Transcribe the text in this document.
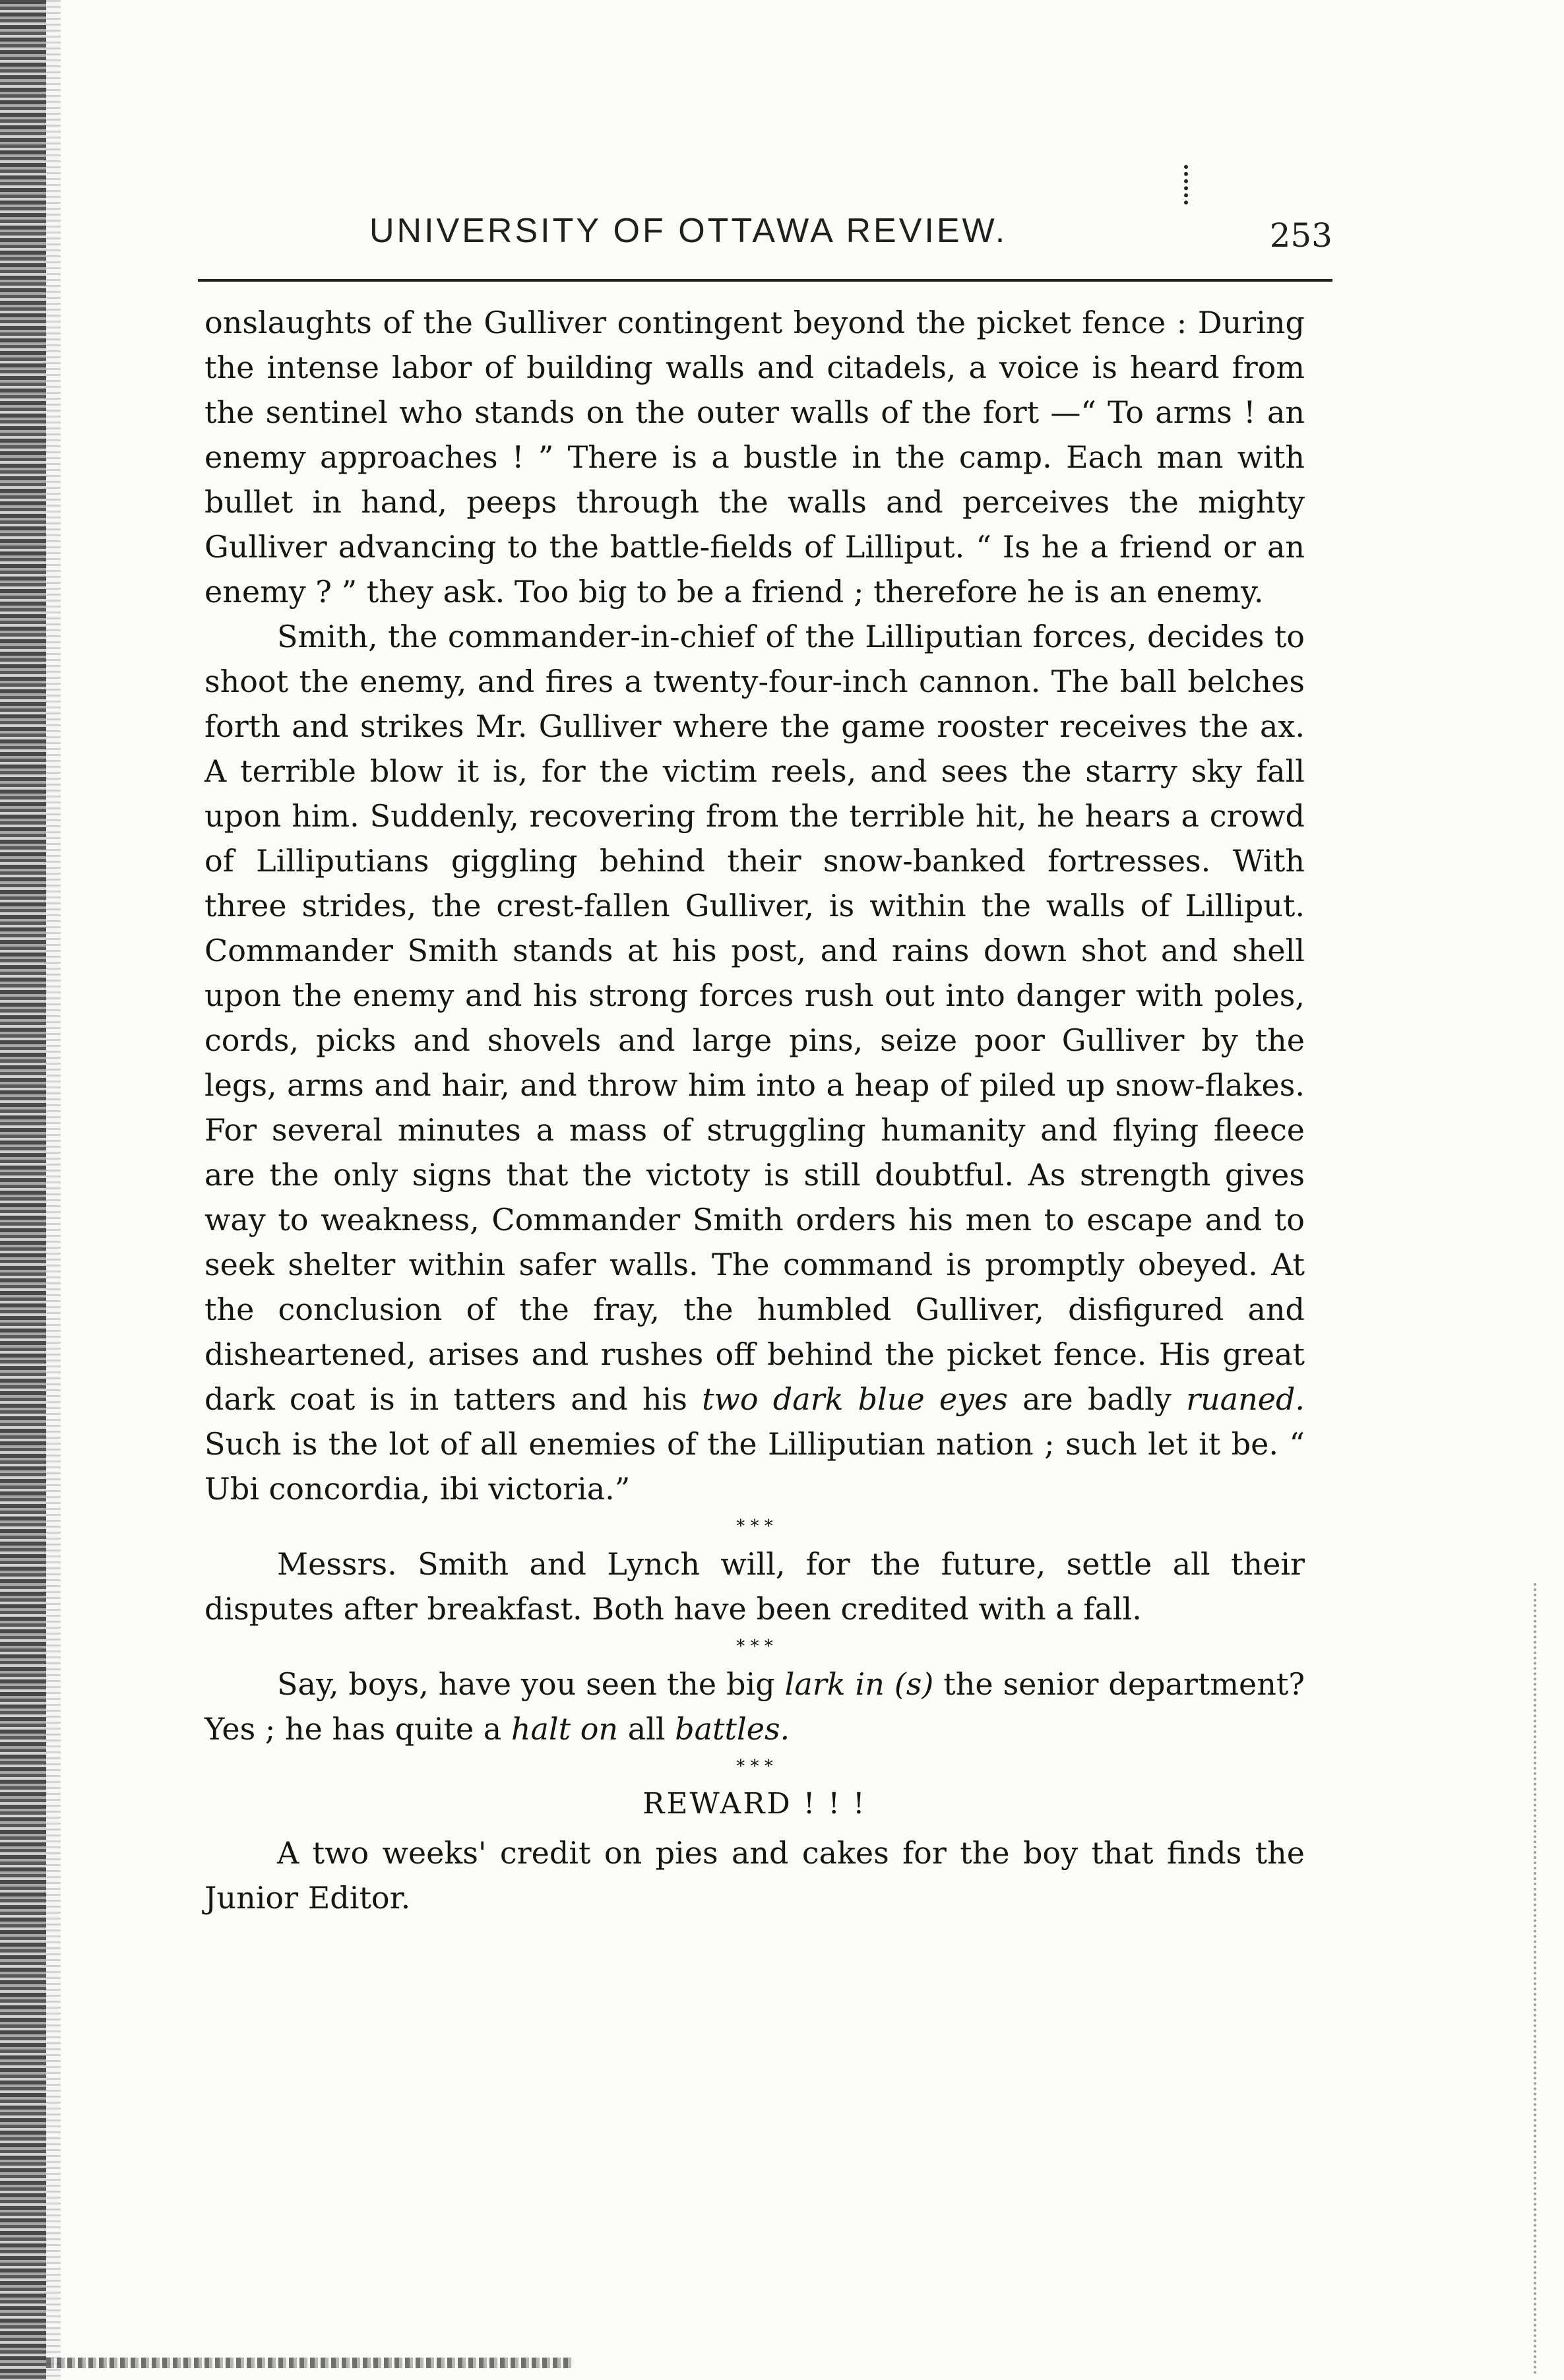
UNIVERSITY OF OTTAWA REVIEW.	253

onslaughts of the Gulliver contingent beyond the picket fence : During the intense labor of building walls and citadels, a voice is heard from the sentinel who stands on the outer walls of the fort —“ To arms ! an enemy approaches ! ” There is a bustle in the camp. Each man with bullet in hand, peeps through the walls and perceives the mighty Gulliver advancing to the battle-fields of Lilliput. “ Is he a friend or an enemy ? ” they ask. Too big to be a friend ; therefore he is an enemy.

Smith, the commander-in-chief of the Lilliputian forces, decides to shoot the enemy, and fires a twenty-four-inch cannon. The ball belches forth and strikes Mr. Gulliver where the game rooster receives the ax. A terrible blow it is, for the victim reels, and sees the starry sky fall upon him. Suddenly, recovering from the terrible hit, he hears a crowd of Lilliputians giggling behind their snow-banked fortresses. With three strides, the crest-fallen Gulliver, is within the walls of Lilliput. Commander Smith stands at his post, and rains down shot and shell upon the enemy and his strong forces rush out into danger with poles, cords, picks and shovels and large pins, seize poor Gulliver by the legs, arms and hair, and throw him into a heap of piled up snow-flakes. For several minutes a mass of struggling humanity and flying fleece are the only signs that the victoty is still doubtful. As strength gives way to weakness, Commander Smith orders his men to escape and to seek shelter within safer walls. The command is promptly obeyed. At the conclusion of the fray, the humbled Gulliver, disfigured and disheartened, arises and rushes off behind the picket fence. His great dark coat is in tatters and his two dark blue eyes are badly ruaned. Such is the lot of all enemies of the Lilliputian nation ; such let it be. “ Ubi concordia, ibi victoria.”

* * *

Messrs. Smith and Lynch will, for the future, settle all their disputes after breakfast. Both have been credited with a fall.

* * *

Say, boys, have you seen the big lark in (s) the senior department? Yes ; he has quite a halt on all battles.

* * *
REWARD ! ! !

A two weeks' credit on pies and cakes for the boy that finds the Junior Editor.
